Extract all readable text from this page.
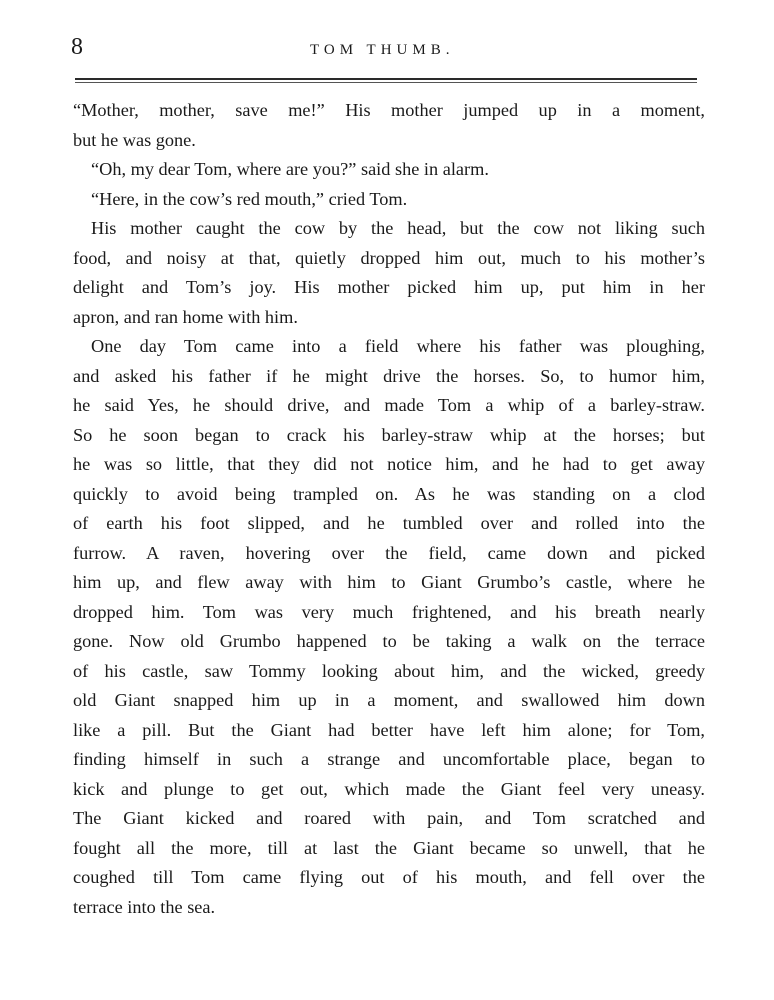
8	TOM THUMB.
“Mother, mother, save me!” His mother jumped up in a moment,
but he was gone.
“Oh, my dear Tom, where are you?” said she in alarm.
“Here, in the cow’s red mouth,” cried Tom.
His mother caught the cow by the head, but the cow not liking such
food, and noisy at that, quietly dropped him out, much to his mother’s
delight and Tom’s joy. His mother picked him up, put him in her
apron, and ran home with him.
One day Tom came into a field where his father was ploughing,
and asked his father if he might drive the horses. So, to humor him,
he said Yes, he should drive, and made Tom a whip of a barley-straw.
So he soon began to crack his barley-straw whip at the horses; but
he was so little, that they did not notice him, and he had to get away
quickly to avoid being trampled on. As he was standing on a clod
of earth his foot slipped, and he tumbled over and rolled into the
furrow. A raven, hovering over the field, came down and picked
him up, and flew away with him to Giant Grumbo’s castle, where he
dropped him. Tom was very much frightened, and his breath nearly
gone. Now old Grumbo happened to be taking a walk on the terrace
of his castle, saw Tommy looking about him, and the wicked, greedy
old Giant snapped him up in a moment, and swallowed him down
like a pill. But the Giant had better have left him alone; for Tom,
finding himself in such a strange and uncomfortable place, began to
kick and plunge to get out, which made the Giant feel very uneasy.
The Giant kicked and roared with pain, and Tom scratched and
fought all the more, till at last the Giant became so unwell, that he
coughed till Tom came flying out of his mouth, and fell over the
terrace into the sea.
